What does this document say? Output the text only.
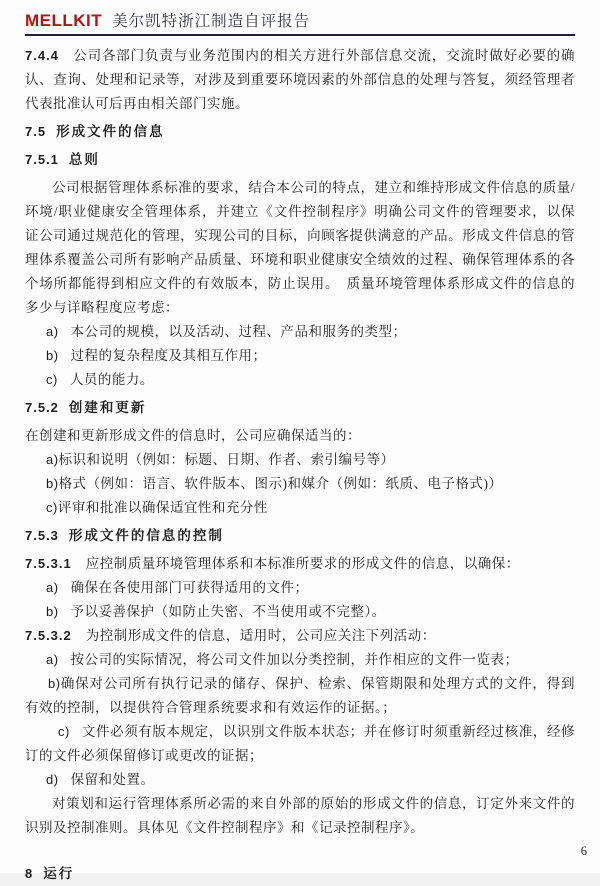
MELLKIT 美尔凯特浙江制造自评报告

7.4.4 公司各部门负责与业务范围内的相关方进行外部信息交流，交流时做好必要的确认、查询、处理和记录等，对涉及到重要环境因素的外部信息的处理与答复，须经管理者代表批准认可后再由相关部门实施。

7.5 形成文件的信息

7.5.1 总则

公司根据管理体系标准的要求，结合本公司的特点，建立和维持形成文件信息的质量/环境/职业健康安全管理体系，并建立《文件控制程序》明确公司文件的管理要求，以保证公司通过规范化的管理，实现公司的目标，向顾客提供满意的产品。形成文件信息的管理体系覆盖公司所有影响产品质量、环境和职业健康安全绩效的过程、确保管理体系的各个场所都能得到相应文件的有效版本，防止误用。　质量环境管理体系形成文件的信息的多少与详略程度应考虑：

a) 本公司的规模，以及活动、过程、产品和服务的类型；

b) 过程的复杂程度及其相互作用；

c) 人员的能力。

7.5.2 创建和更新

在创建和更新形成文件的信息时，公司应确保适当的：

a)标识和说明（例如：标题、日期、作者、索引编号等）

b)格式（例如：语言、软件版本、图示)和媒介（例如：纸质、电子格式)）

c)评审和批准以确保适宜性和充分性

7.5.3 形成文件的信息的控制

7.5.3.1 应控制质量环境管理体系和本标准所要求的形成文件的信息，以确保：

a) 确保在各使用部门可获得适用的文件；

b) 予以妥善保护（如防止失密、不当使用或不完整）。

7.5.3.2 为控制形成文件的信息，适用时，公司应关注下列活动：

a) 按公司的实际情况，将公司文件加以分类控制，并作相应的文件一览表；

b)确保对公司所有执行记录的储存、保护、检索、保管期限和处理方式的文件，得到有效的控制，以提供符合管理系统要求和有效运作的证据。；

c) 文件必须有版本规定，以识别文件版本状态；并在修订时须重新经过核准，经修订的文件必须保留修订或更改的证据；

d) 保留和处置。

对策划和运行管理体系所必需的来自外部的原始的形成文件的信息，订定外来文件的识别及控制准则。具体见《文件控制程序》和《记录控制程序》。

8 运行

6
